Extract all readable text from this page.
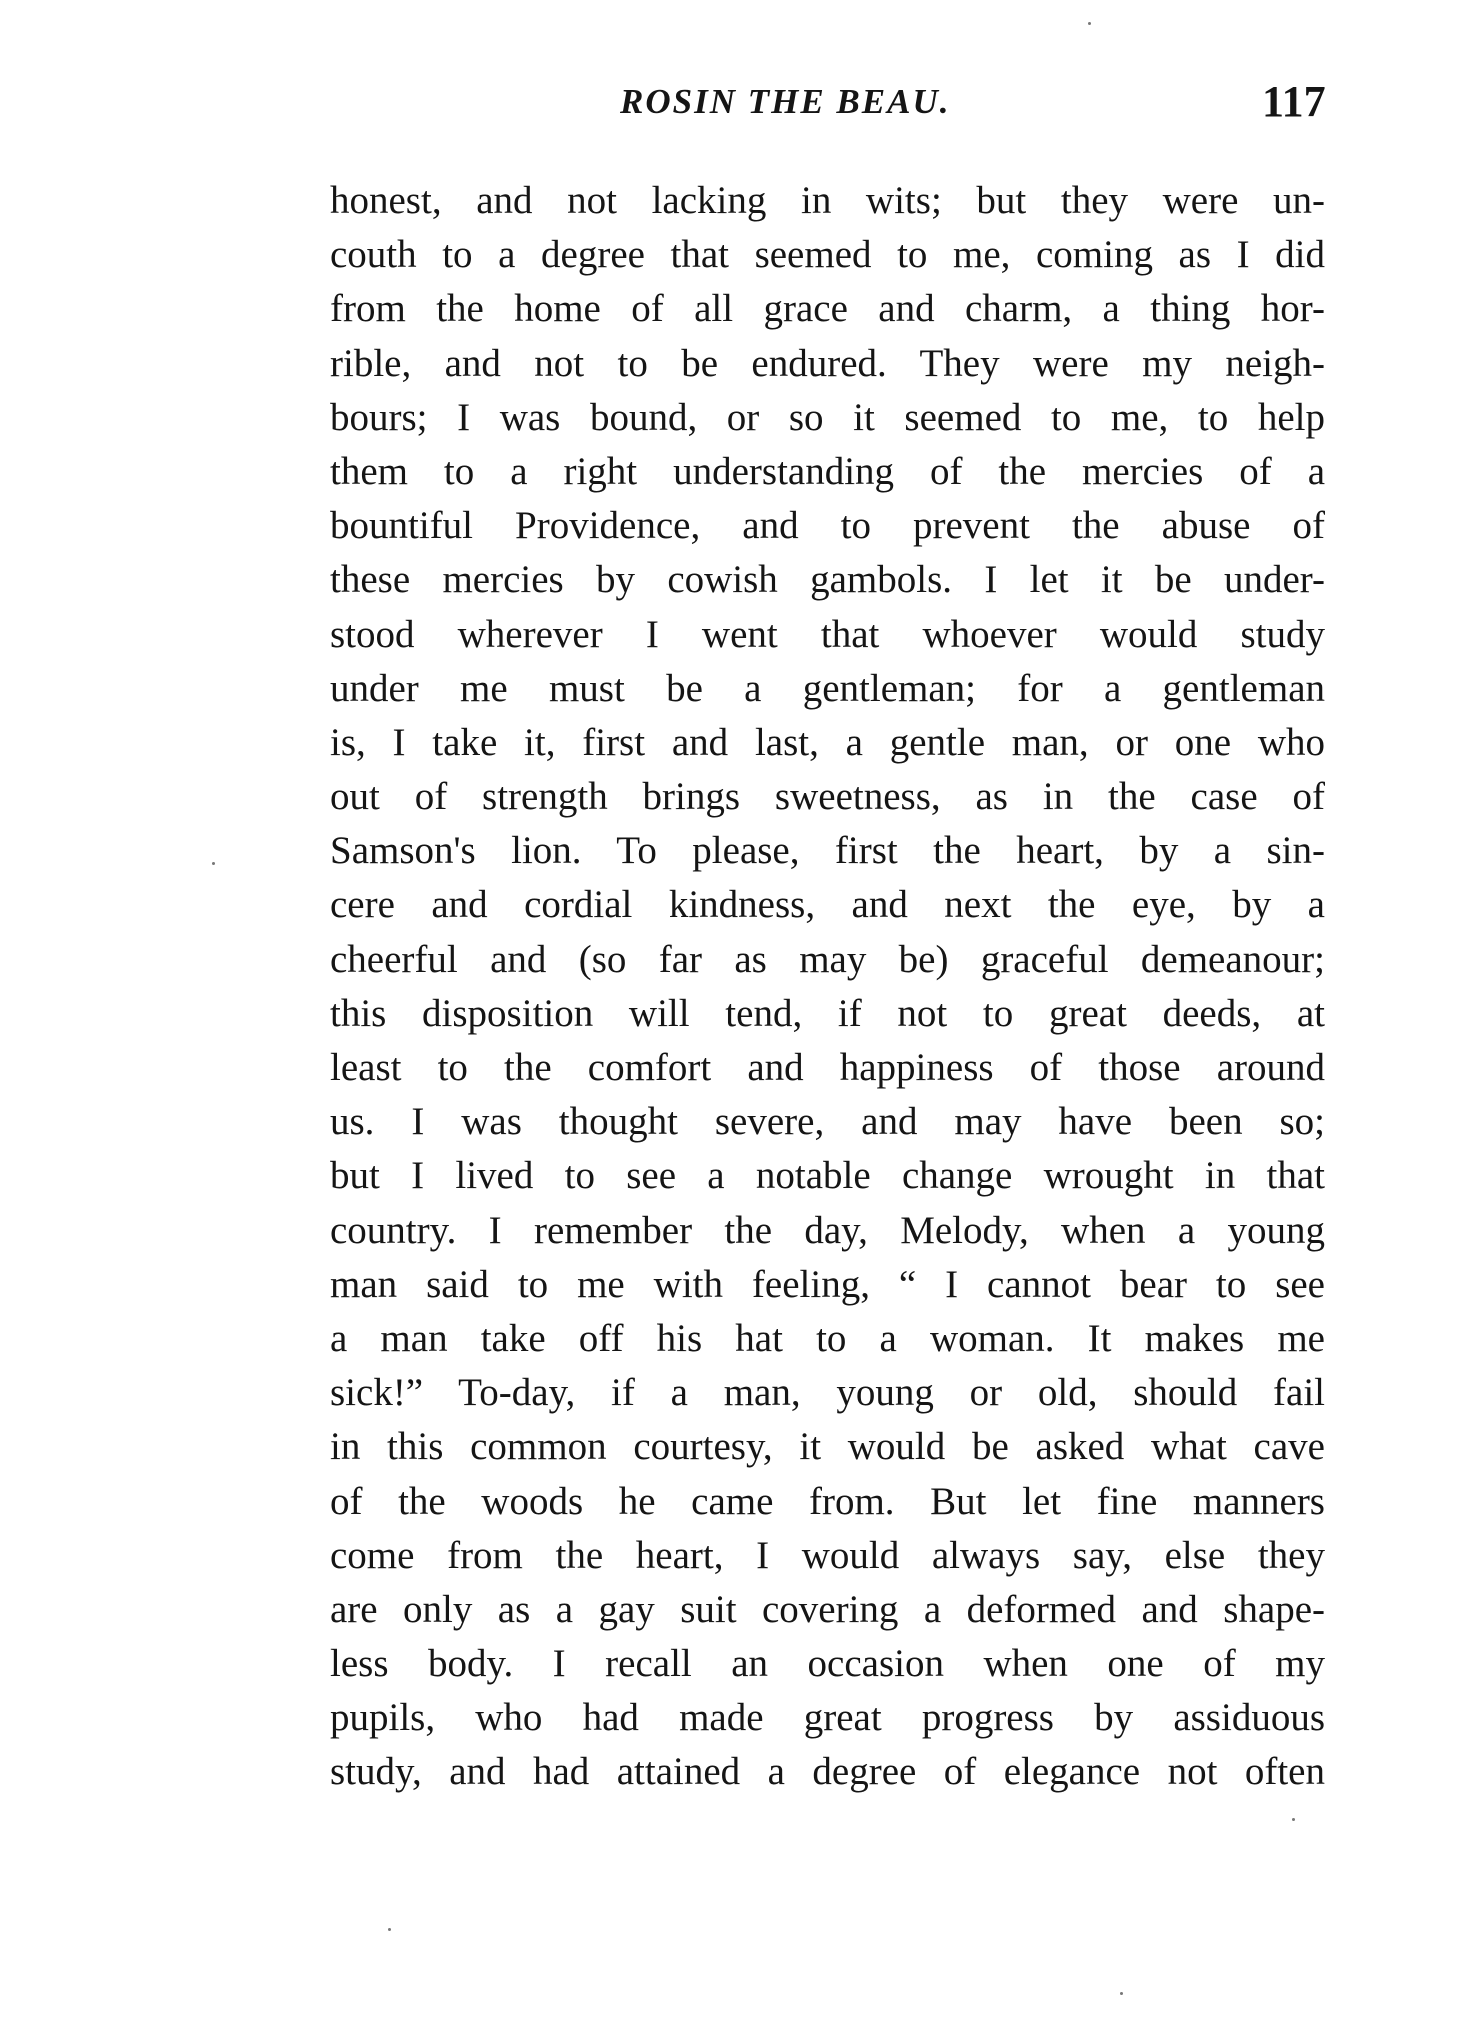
ROSIN THE BEAU.	117
honest, and not lacking in wits; but they were un-
couth to a degree that seemed to me, coming as I did
from the home of all grace and charm, a thing hor-
rible, and not to be endured. They were my neigh-
bours; I was bound, or so it seemed to me, to help
them to a right understanding of the mercies of a
bountiful Providence, and to prevent the abuse of
these mercies by cowish gambols. I let it be under-
stood wherever I went that whoever would study
under me must be a gentleman; for a gentleman
is, I take it, first and last, a gentle man, or one who
out of strength brings sweetness, as in the case of
Samson's lion. To please, first the heart, by a sin-
cere and cordial kindness, and next the eye, by a
cheerful and (so far as may be) graceful demeanour;
this disposition will tend, if not to great deeds, at
least to the comfort and happiness of those around
us. I was thought severe, and may have been so;
but I lived to see a notable change wrought in that
country. I remember the day, Melody, when a young
man said to me with feeling, “ I cannot bear to see
a man take off his hat to a woman. It makes me
sick!” To-day, if a man, young or old, should fail
in this common courtesy, it would be asked what cave
of the woods he came from. But let fine manners
come from the heart, I would always say, else they
are only as a gay suit covering a deformed and shape-
less body. I recall an occasion when one of my
pupils, who had made great progress by assiduous
study, and had attained a degree of elegance not often
